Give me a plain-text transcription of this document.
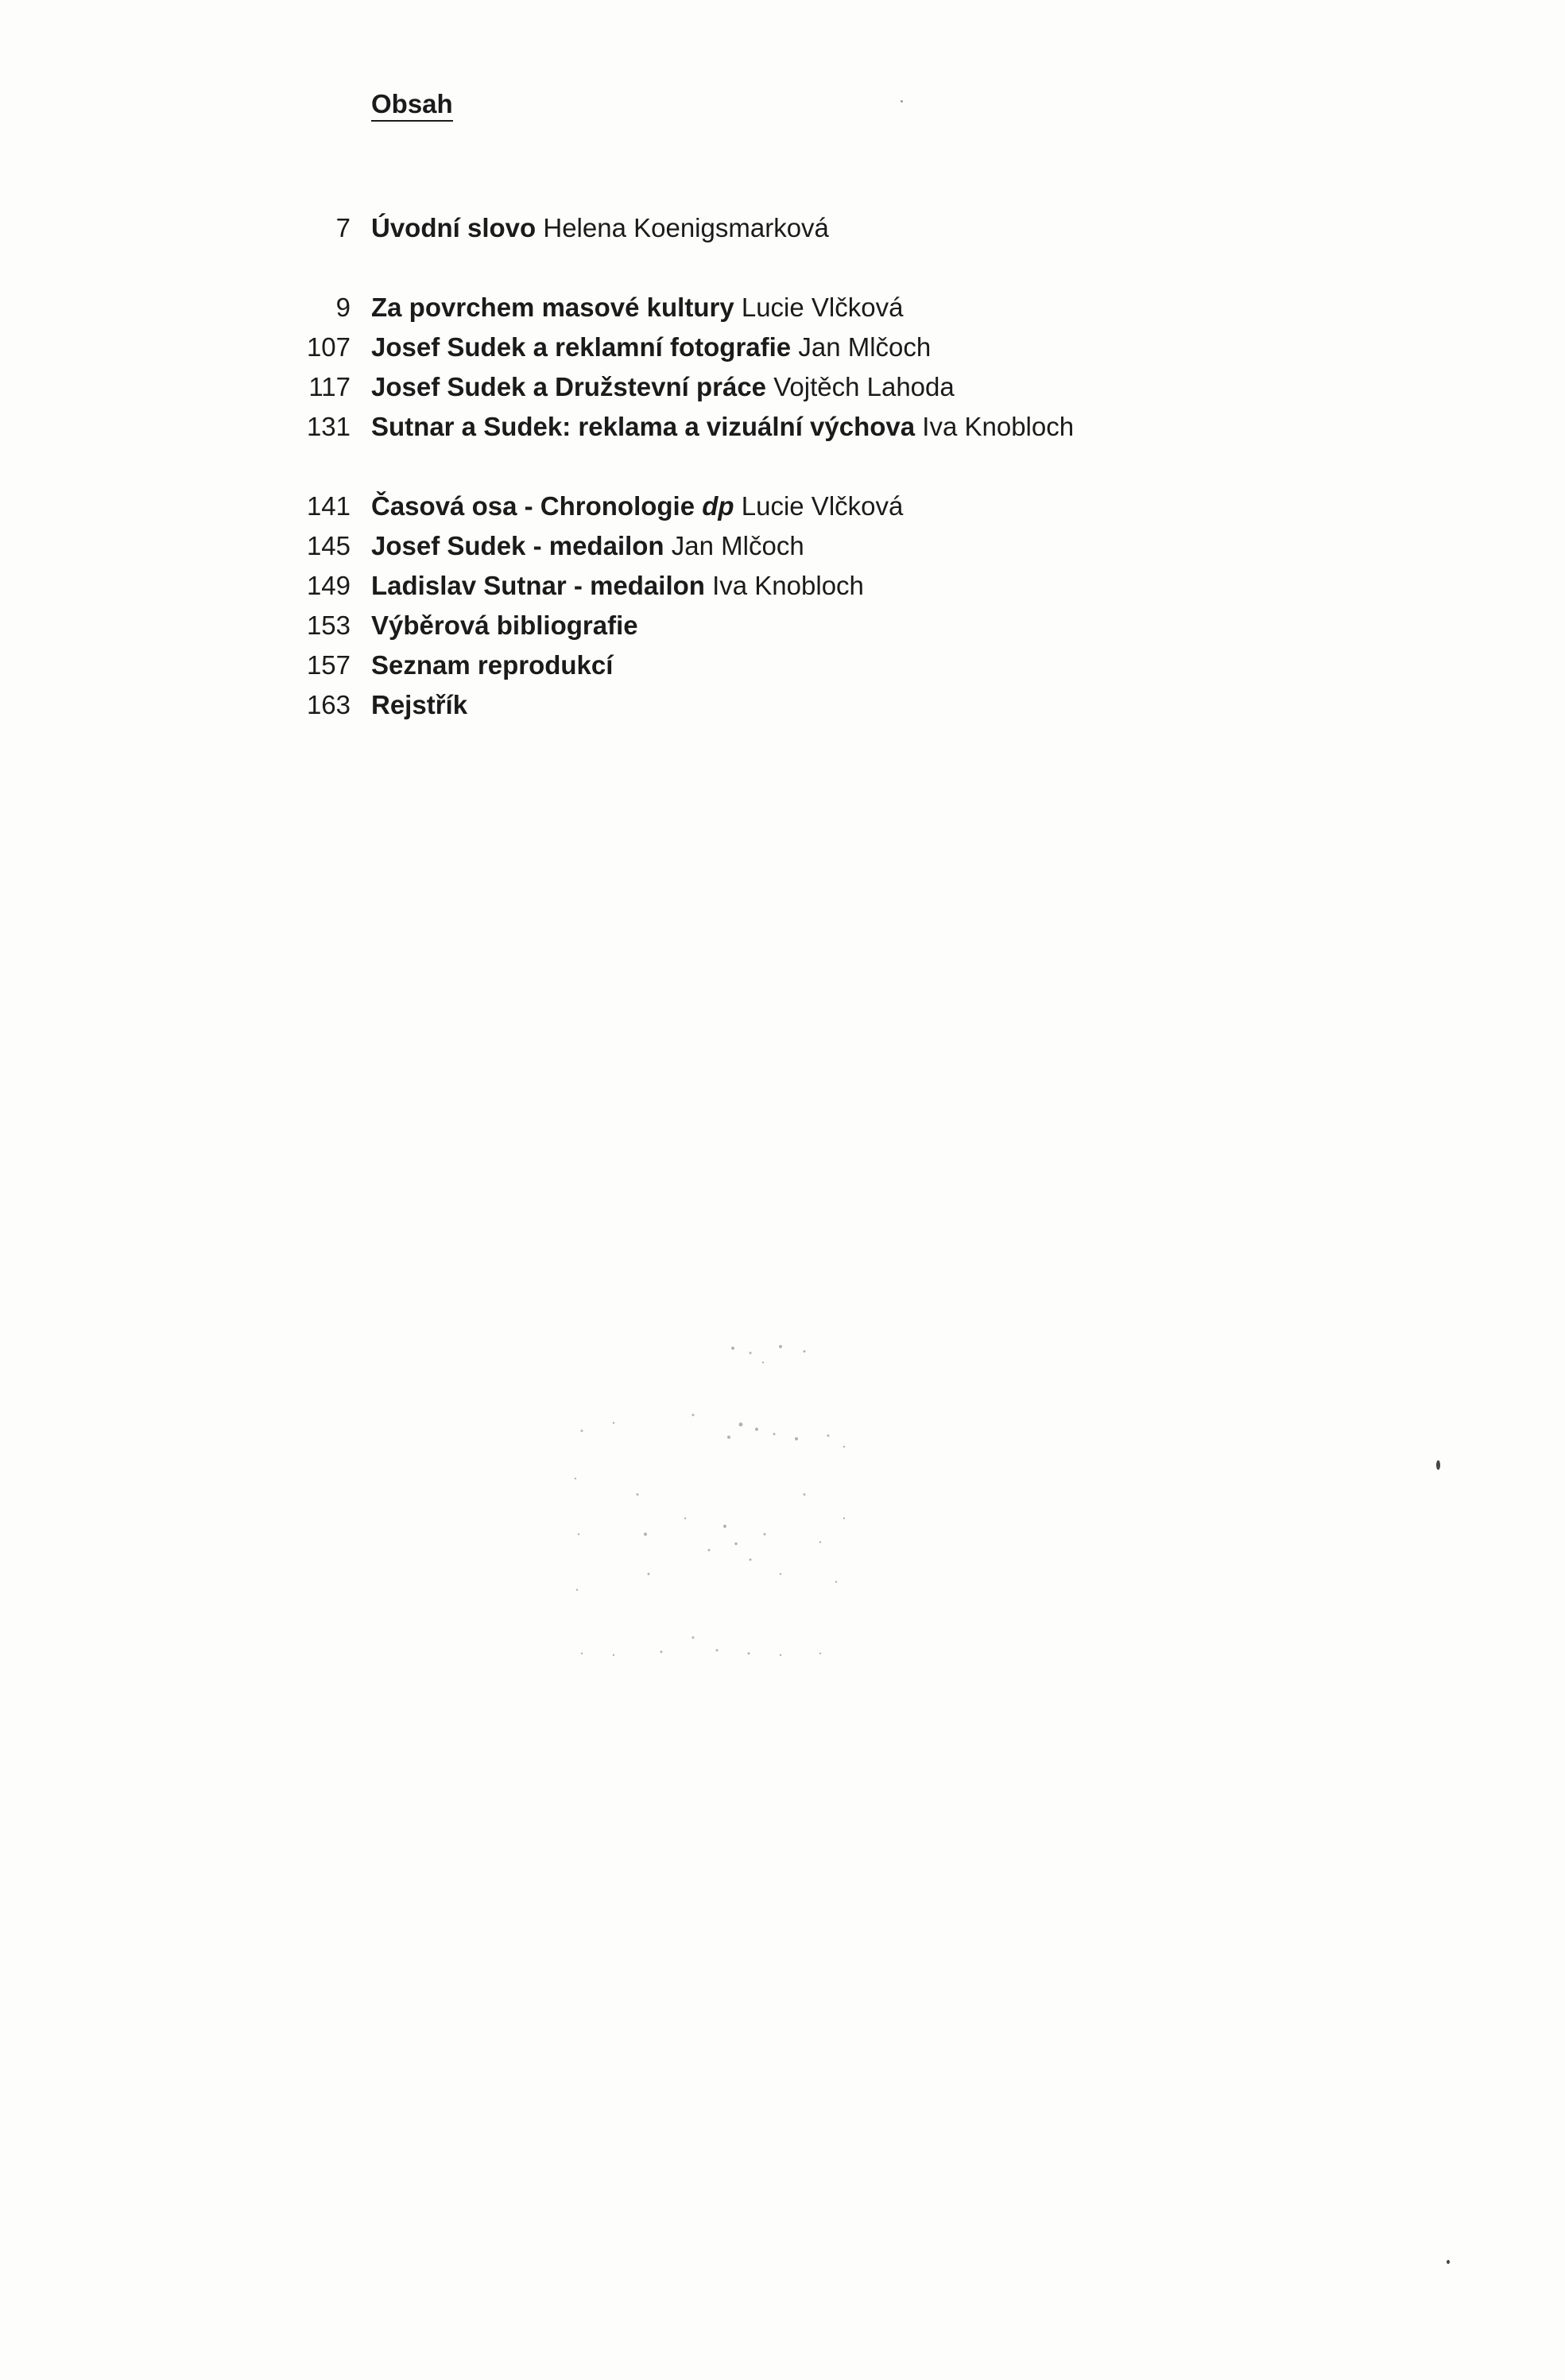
Obsah
7 Úvodní slovo Helena Koenigsmarková
9 Za povrchem masové kultury Lucie Vlčková
107 Josef Sudek a reklamní fotografie Jan Mlčoch
117 Josef Sudek a Družstevní práce Vojtěch Lahoda
131 Sutnar a Sudek: reklama a vizuální výchova Iva Knobloch
141 Časová osa - Chronologie dp Lucie Vlčková
145 Josef Sudek - medailon Jan Mlčoch
149 Ladislav Sutnar - medailon Iva Knobloch
153 Výběrová bibliografie
157 Seznam reprodukcí
163 Rejstřík
